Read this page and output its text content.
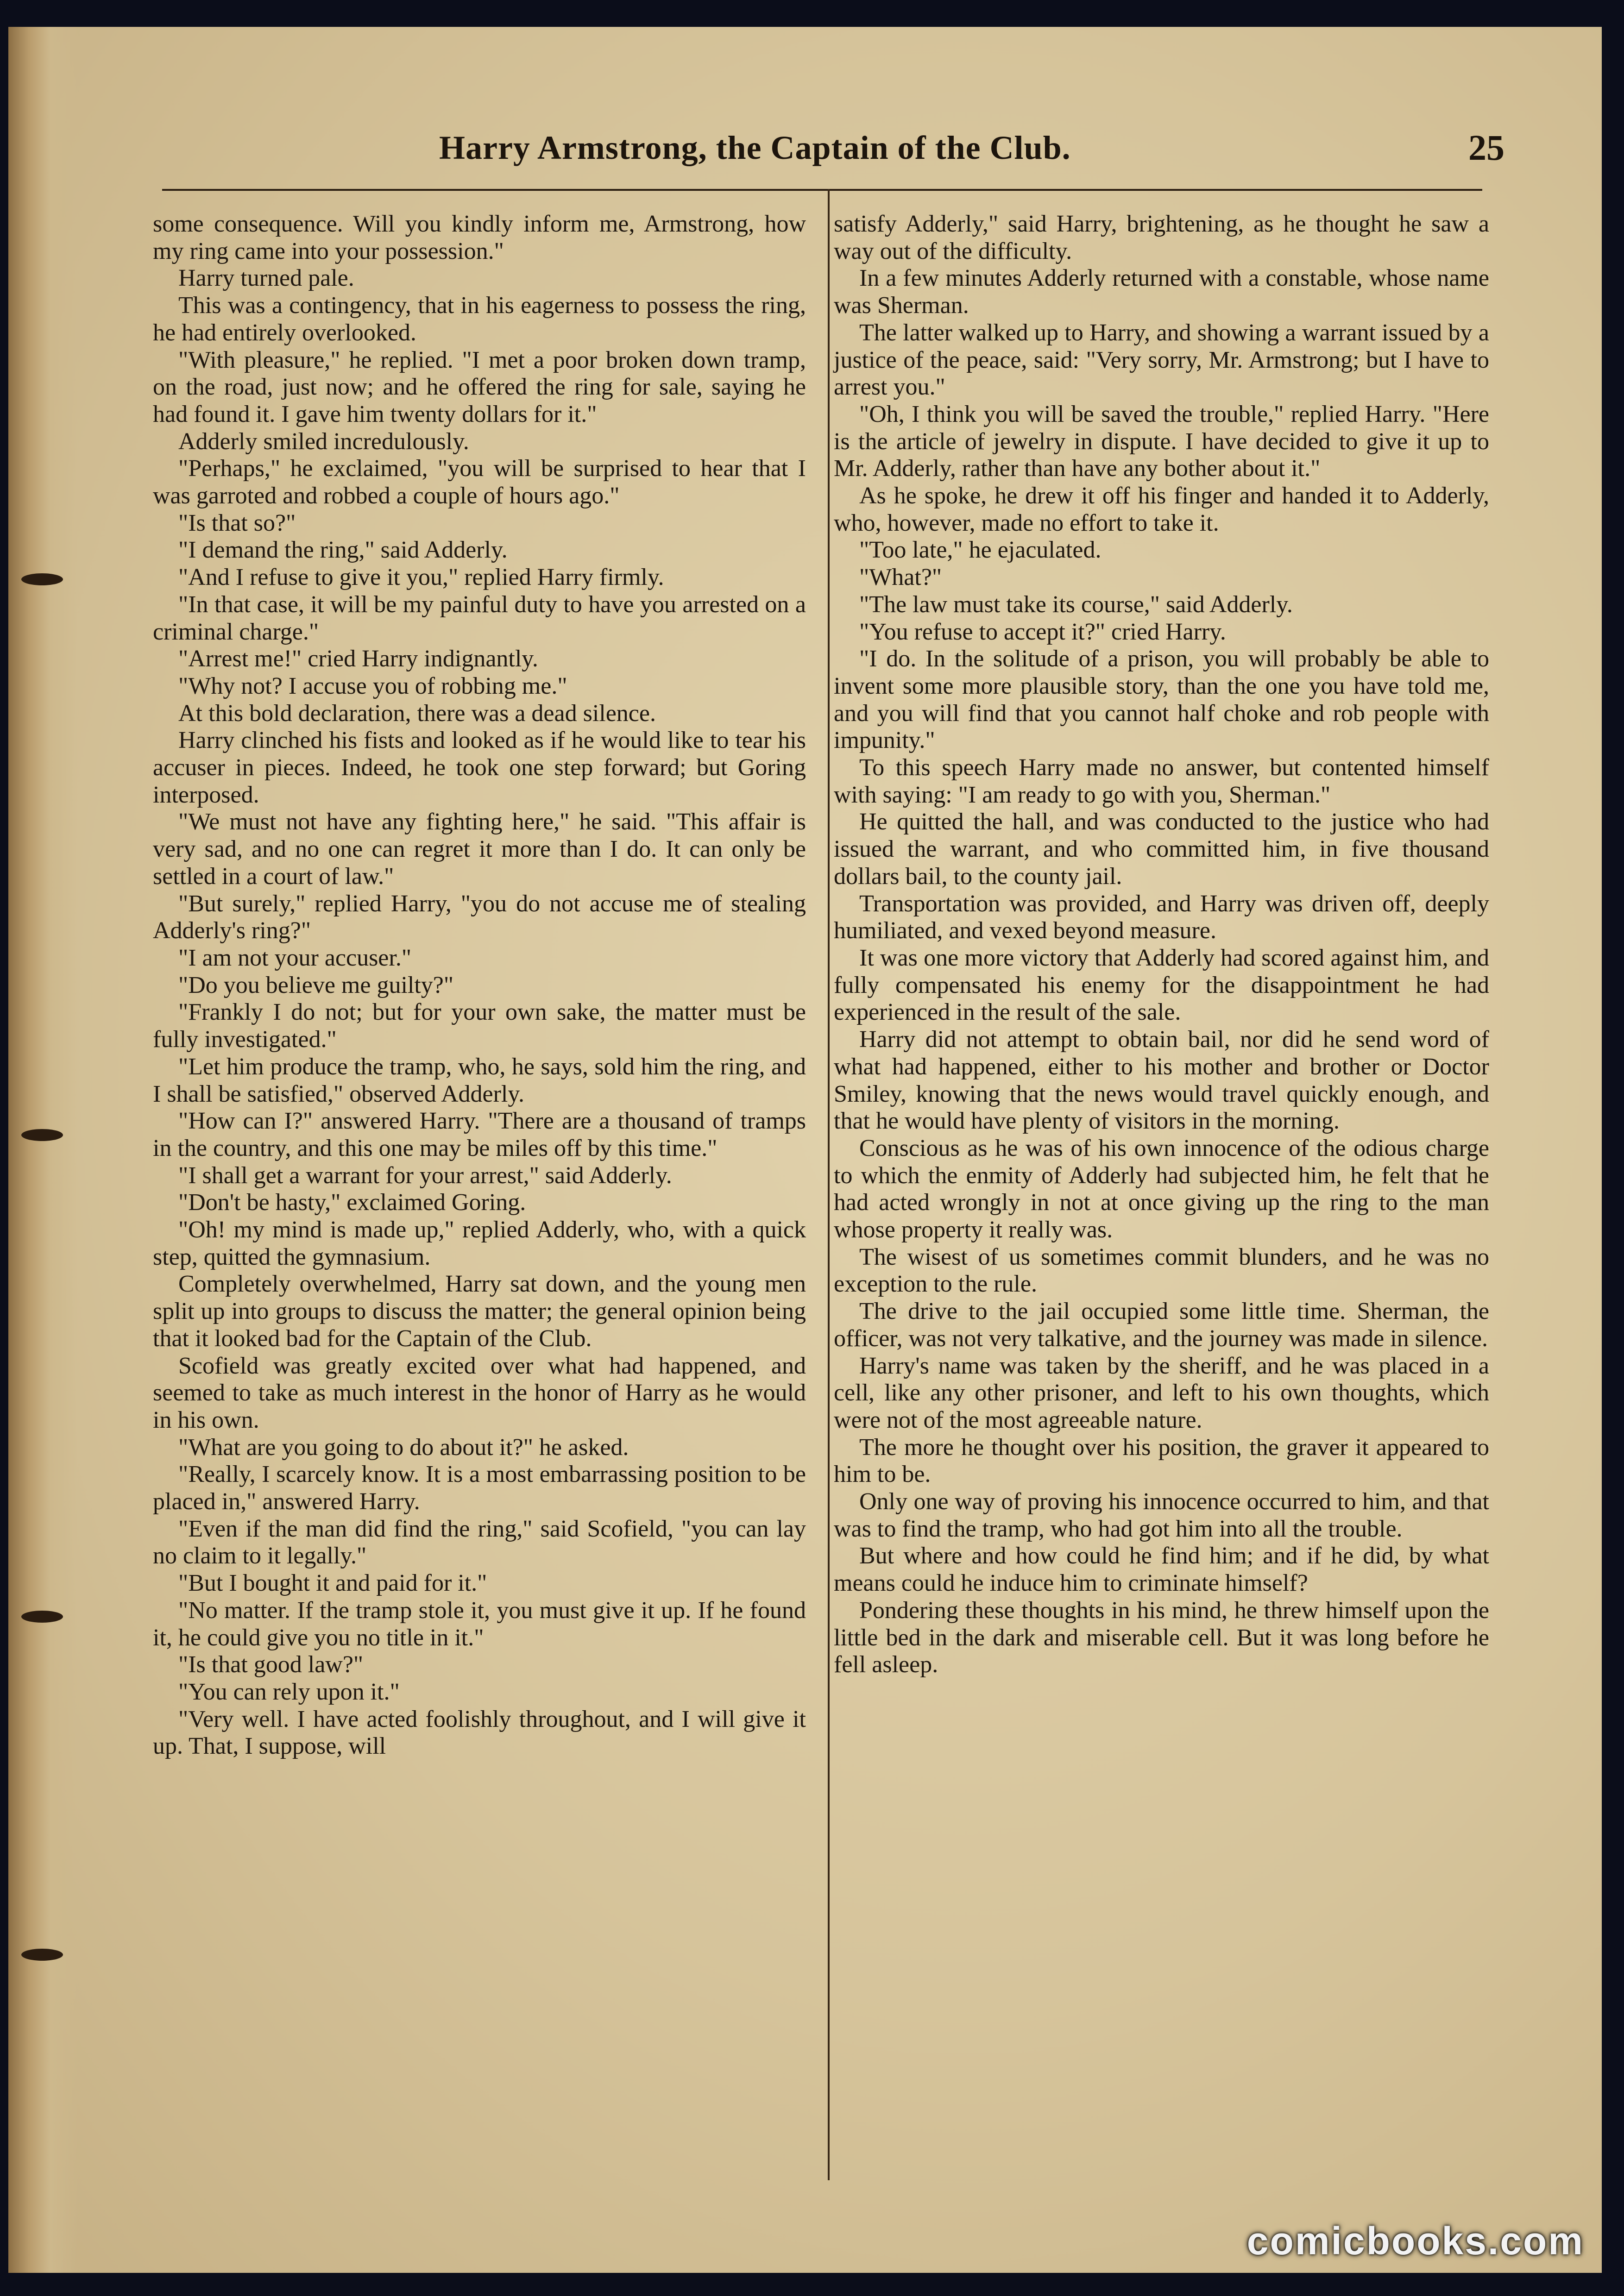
Harry Armstrong, the Captain of the Club.	25

some consequence. Will you kindly inform me, Armstrong, how my ring came into your possession."

Harry turned pale.

This was a contingency, that in his eagerness to possess the ring, he had entirely overlooked.

"With pleasure," he replied. "I met a poor broken down tramp, on the road, just now; and he offered the ring for sale, saying he had found it. I gave him twenty dollars for it."

Adderly smiled incredulously.

"Perhaps," he exclaimed, "you will be surprised to hear that I was garroted and robbed a couple of hours ago."

"Is that so?"

"I demand the ring," said Adderly.

"And I refuse to give it you," replied Harry firmly.

"In that case, it will be my painful duty to have you arrested on a criminal charge."

"Arrest me!" cried Harry indignantly.

"Why not? I accuse you of robbing me."

At this bold declaration, there was a dead silence.

Harry clinched his fists and looked as if he would like to tear his accuser in pieces. Indeed, he took one step forward; but Goring interposed.

"We must not have any fighting here," he said. "This affair is very sad, and no one can regret it more than I do. It can only be settled in a court of law."

"But surely," replied Harry, "you do not accuse me of stealing Adderly's ring?"

"I am not your accuser."

"Do you believe me guilty?"

"Frankly I do not; but for your own sake, the matter must be fully investigated."

"Let him produce the tramp, who, he says, sold him the ring, and I shall be satisfied," observed Adderly.

"How can I?" answered Harry. "There are a thousand of tramps in the country, and this one may be miles off by this time."

"I shall get a warrant for your arrest," said Adderly.

"Don't be hasty," exclaimed Goring.

"Oh! my mind is made up," replied Adderly, who, with a quick step, quitted the gymnasium.

Completely overwhelmed, Harry sat down, and the young men split up into groups to discuss the matter; the general opinion being that it looked bad for the Captain of the Club.

Scofield was greatly excited over what had happened, and seemed to take as much interest in the honor of Harry as he would in his own.

"What are you going to do about it?" he asked.

"Really, I scarcely know. It is a most embarrassing position to be placed in," answered Harry.

"Even if the man did find the ring," said Scofield, "you can lay no claim to it legally."

"But I bought it and paid for it."

"No matter. If the tramp stole it, you must give it up. If he found it, he could give you no title in it."

"Is that good law?"

"You can rely upon it."

"Very well. I have acted foolishly throughout, and I will give it up. That, I suppose, will

satisfy Adderly," said Harry, brightening, as he thought he saw a way out of the difficulty.

In a few minutes Adderly returned with a constable, whose name was Sherman.

The latter walked up to Harry, and showing a warrant issued by a justice of the peace, said: "Very sorry, Mr. Armstrong; but I have to arrest you."

"Oh, I think you will be saved the trouble," replied Harry. "Here is the article of jewelry in dispute. I have decided to give it up to Mr. Adderly, rather than have any bother about it."

As he spoke, he drew it off his finger and handed it to Adderly, who, however, made no effort to take it.

"Too late," he ejaculated.

"What?"

"The law must take its course," said Adderly.

"You refuse to accept it?" cried Harry.

"I do. In the solitude of a prison, you will probably be able to invent some more plausible story, than the one you have told me, and you will find that you cannot half choke and rob people with impunity."

To this speech Harry made no answer, but contented himself with saying: "I am ready to go with you, Sherman."

He quitted the hall, and was conducted to the justice who had issued the warrant, and who committed him, in five thousand dollars bail, to the county jail.

Transportation was provided, and Harry was driven off, deeply humiliated, and vexed beyond measure.

It was one more victory that Adderly had scored against him, and fully compensated his enemy for the disappointment he had experienced in the result of the sale.

Harry did not attempt to obtain bail, nor did he send word of what had happened, either to his mother and brother or Doctor Smiley, knowing that the news would travel quickly enough, and that he would have plenty of visitors in the morning.

Conscious as he was of his own innocence of the odious charge to which the enmity of Adderly had subjected him, he felt that he had acted wrongly in not at once giving up the ring to the man whose property it really was.

The wisest of us sometimes commit blunders, and he was no exception to the rule.

The drive to the jail occupied some little time. Sherman, the officer, was not very talkative, and the journey was made in silence.

Harry's name was taken by the sheriff, and he was placed in a cell, like any other prisoner, and left to his own thoughts, which were not of the most agreeable nature.

The more he thought over his position, the graver it appeared to him to be.

Only one way of proving his innocence occurred to him, and that was to find the tramp, who had got him into all the trouble.

But where and how could he find him; and if he did, by what means could he induce him to criminate himself?

Pondering these thoughts in his mind, he threw himself upon the little bed in the dark and miserable cell. But it was long before he fell asleep.

comicbooks.com
